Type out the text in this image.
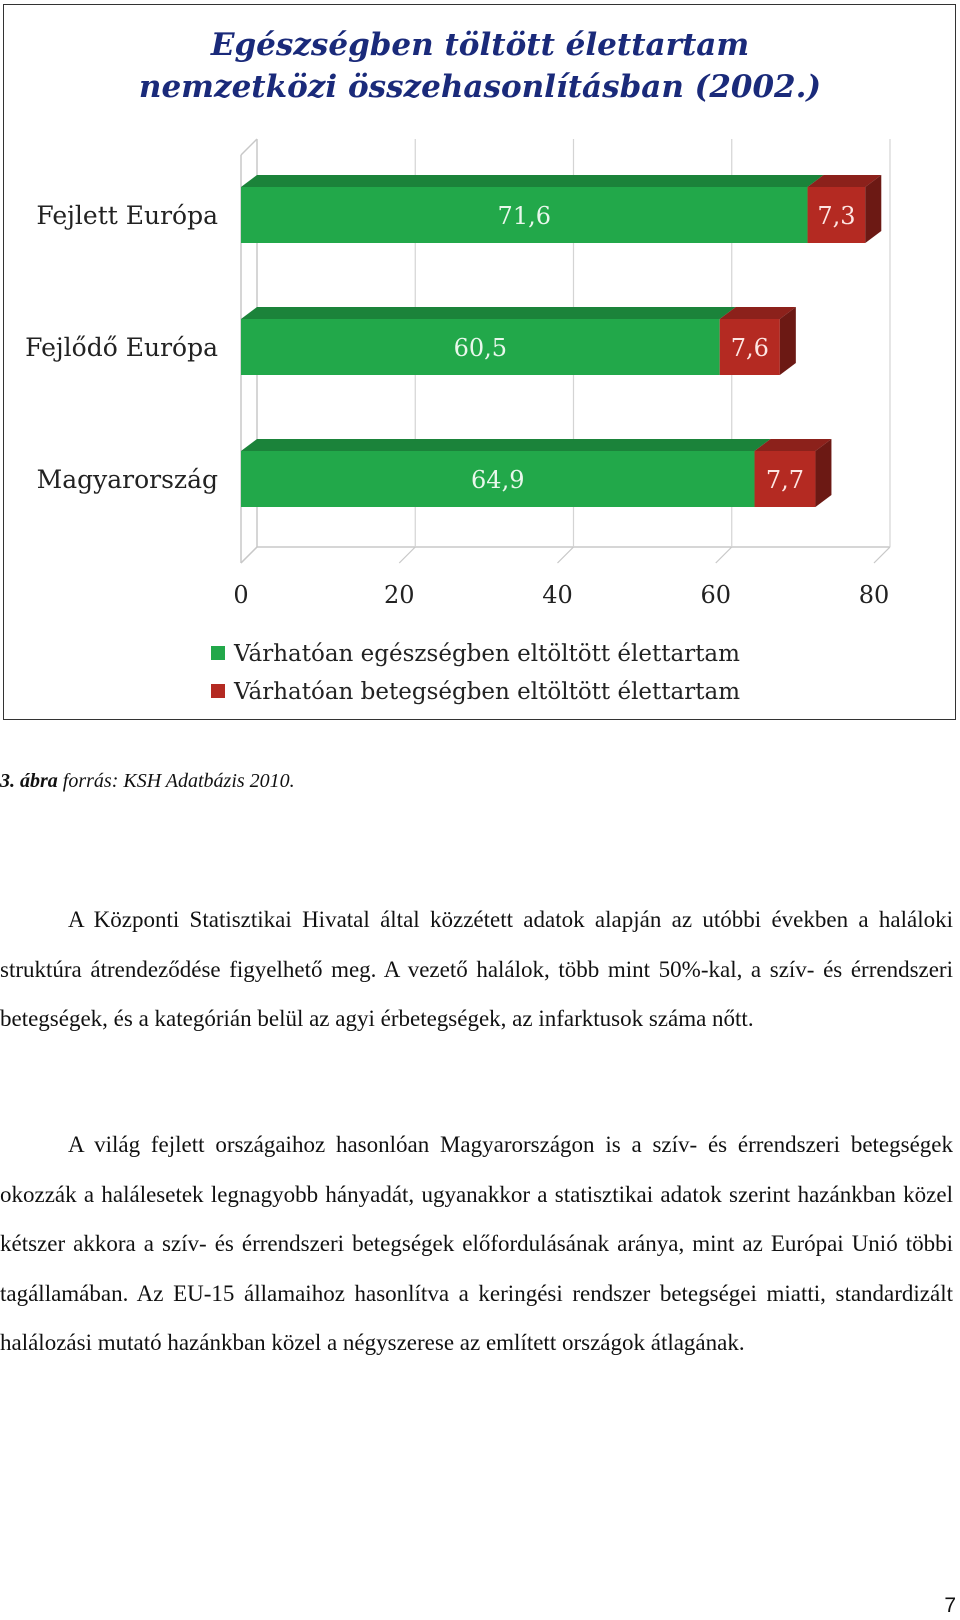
Egészségben töltött élettartam
nemzetközi összehasonlításban (2002.)
0	20	40	60	80
71,6	7,3
Fejlett Európa
60,5	7,6
Fejlődő Európa
64,9	7,7
Magyarország
Várhatóan egészségben eltöltött élettartam
Várhatóan betegségben eltöltött élettartam
3. ábra forrás: KSH Adatbázis 2010.

A Központi Statisztikai Hivatal által közzétett adatok alapján az utóbbi években a haláloki struktúra átrendeződése figyelhető meg. A vezető halálok, több mint 50%-kal, a szív- és érrendszeri betegségek, és a kategórián belül az agyi érbetegségek, az infarktusok száma nőtt.

A világ fejlett országaihoz hasonlóan Magyarországon is a szív- és érrendszeri betegségek okozzák a halálesetek legnagyobb hányadát, ugyanakkor a statisztikai adatok szerint hazánkban közel kétszer akkora a szív- és érrendszeri betegségek előfordulásának aránya, mint az Európai Unió többi tagállamában. Az EU-15 államaihoz hasonlítva a keringési rendszer betegségei miatti, standardizált halálozási mutató hazánkban közel a négyszerese az említett országok átlagának.

7
